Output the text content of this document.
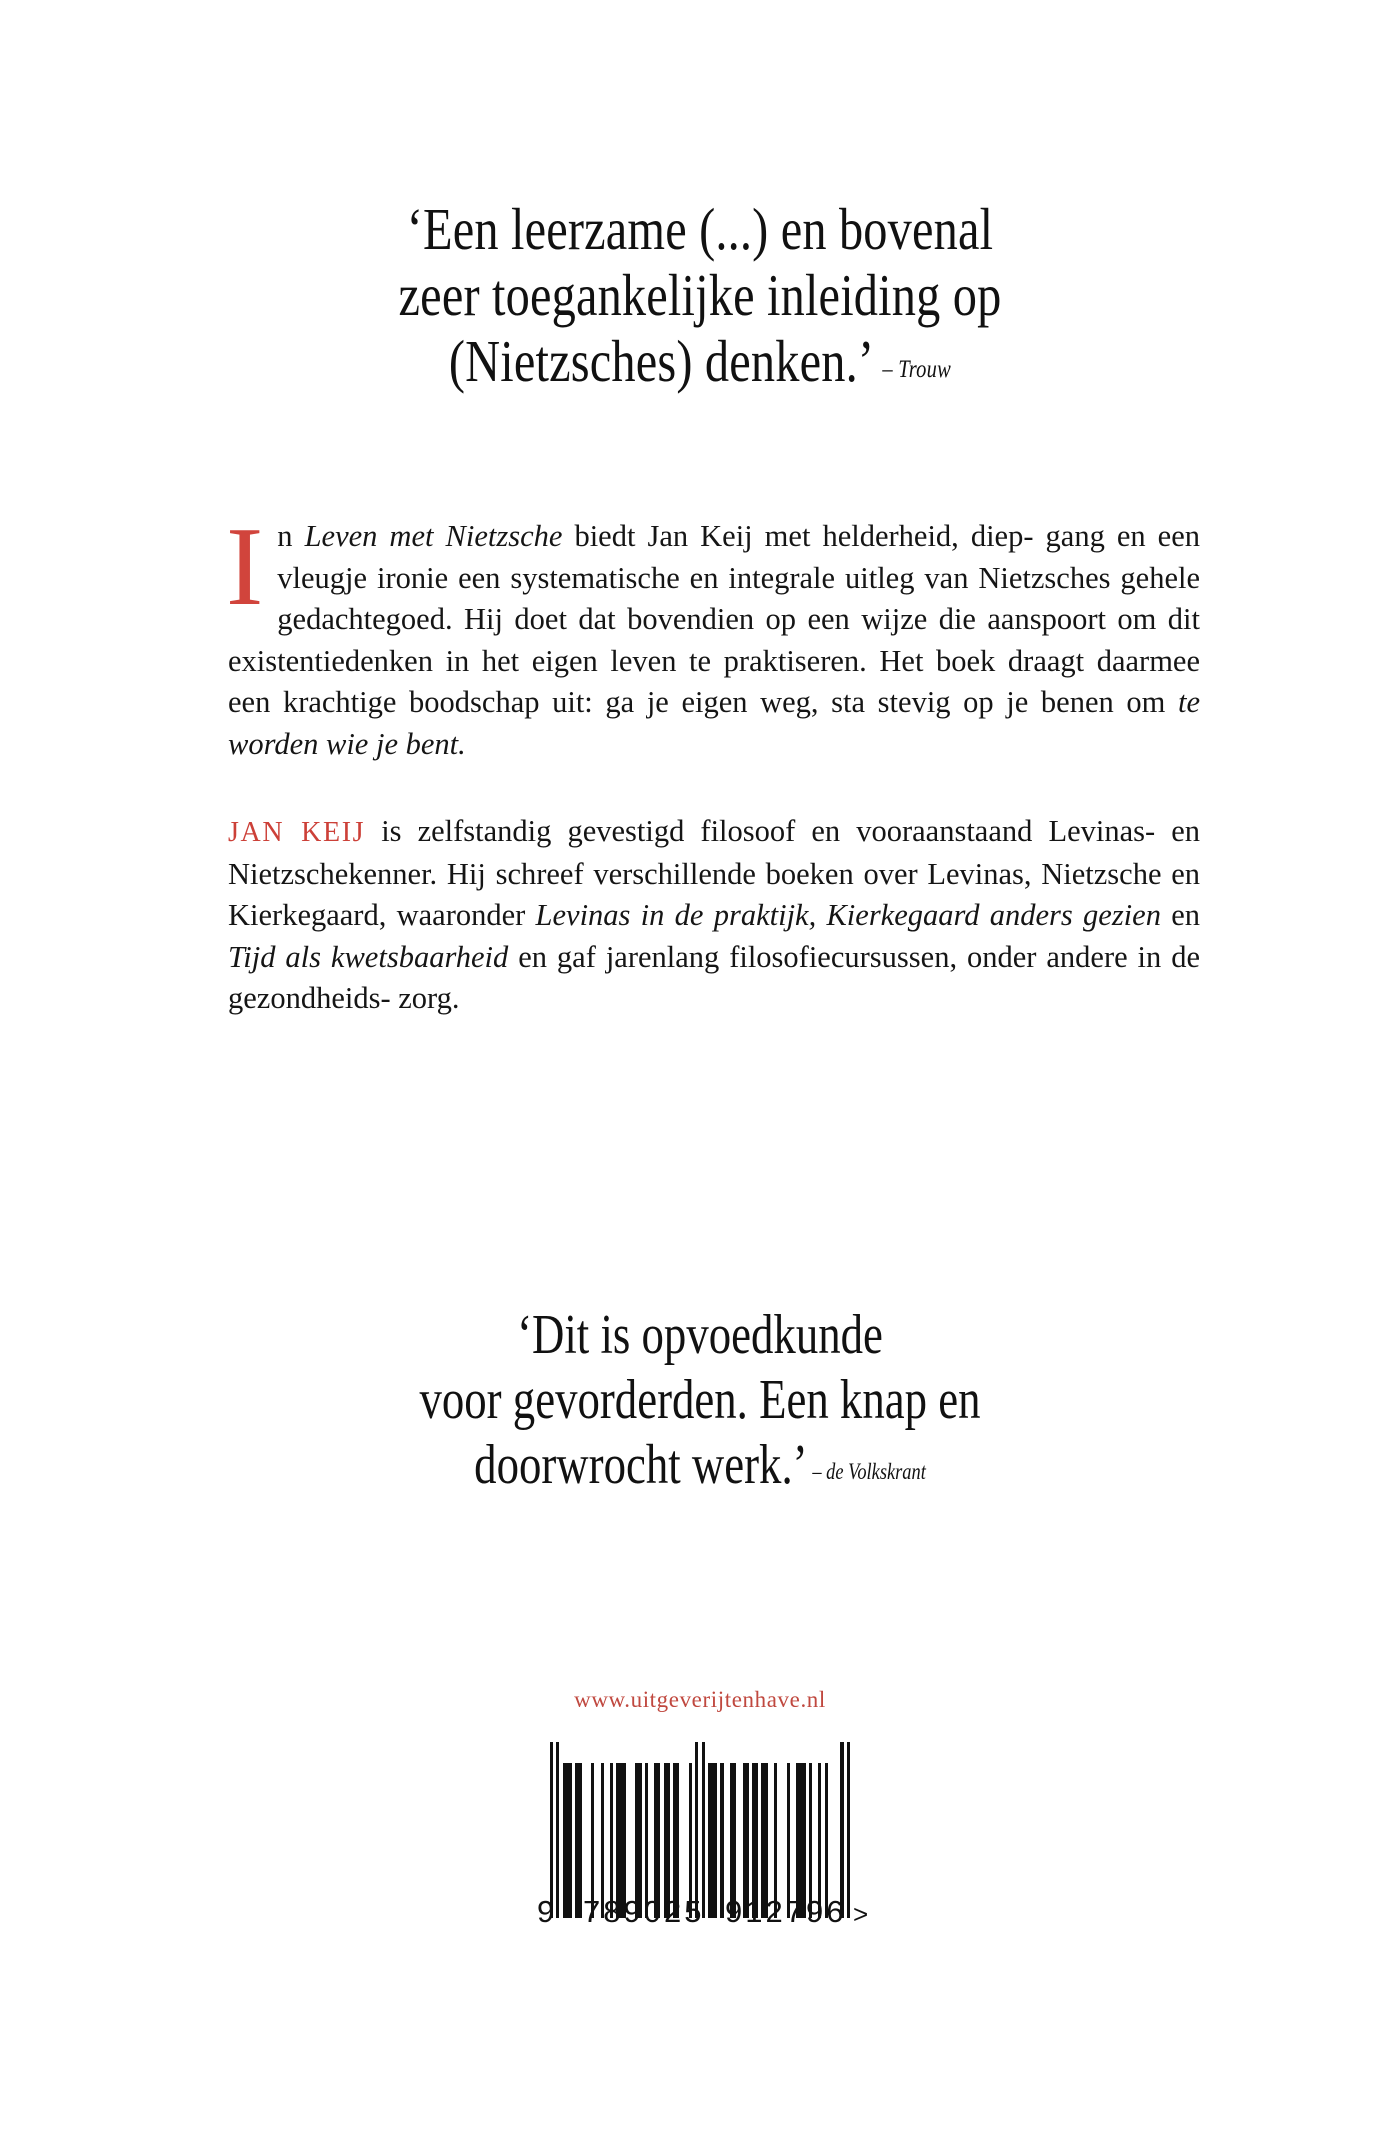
‘Een leerzame (...) en bovenal
zeer toegankelijke inleiding op
(Nietzsches) denken.’ – Trouw

In Leven met Nietzsche biedt Jan Keij met helderheid, diep- gang en een vleugje ironie een systematische en integrale uitleg van Nietzsches gehele gedachtegoed. Hij doet dat bovendien op een wijze die aanspoort om dit existentiedenken in het eigen leven te praktiseren. Het boek draagt daarmee een krachtige boodschap uit: ga je eigen weg, sta stevig op je benen om te worden wie je bent.

JAN KEIJ is zelfstandig gevestigd filosoof en vooraanstaand Levinas- en Nietzschekenner. Hij schreef verschillende boeken over Levinas, Nietzsche en Kierkegaard, waaronder Levinas in de praktijk, Kierkegaard anders gezien en Tijd als kwetsbaarheid en gaf jarenlang filosofiecursussen, onder andere in de gezondheids- zorg.

‘Dit is opvoedkunde
voor gevorderden. Een knap en
doorwrocht werk.’ – de Volkskrant
www.uitgeverijtenhave.nl
9 789025 912796 >
